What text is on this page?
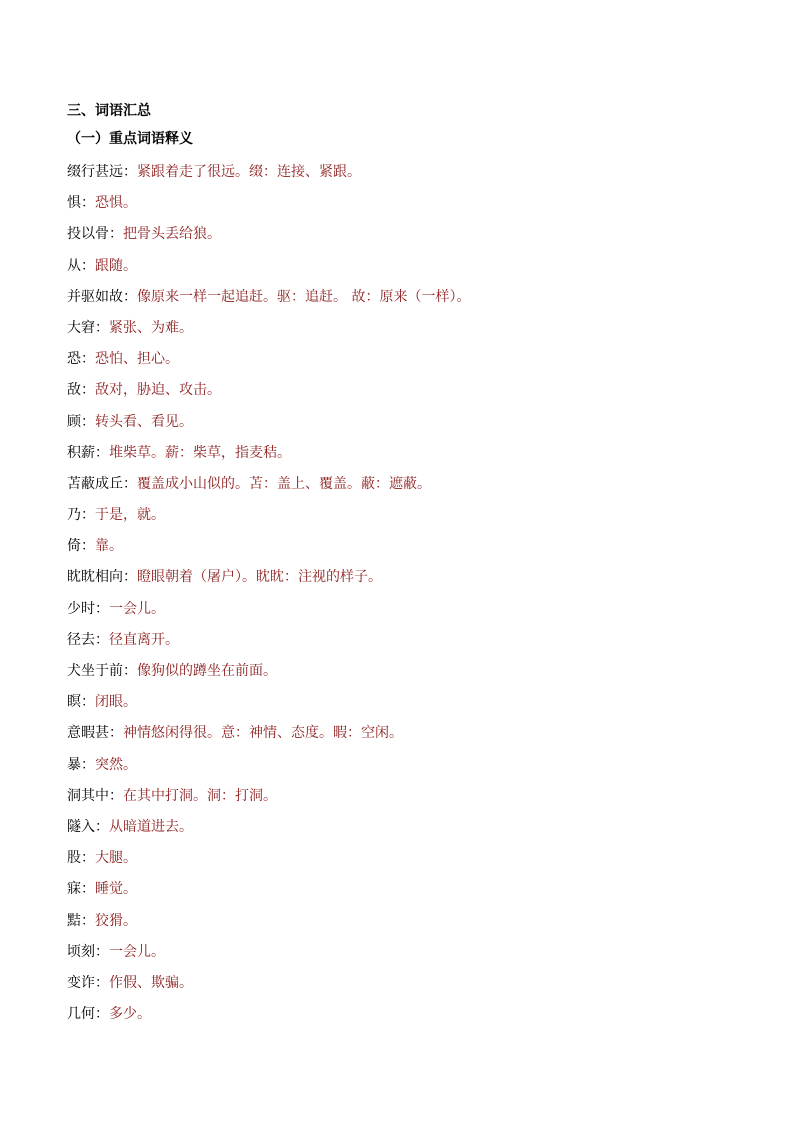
三、词语汇总
（一）重点词语释义
缀行甚远：紧跟着走了很远。缀：连接、紧跟。
惧：恐惧。
投以骨：把骨头丢给狼。
从：跟随。
并驱如故：像原来一样一起追赶。驱：追赶。 故：原来（一样）。
大窘：紧张、为难。
恐：恐怕、担心。
敌：敌对，胁迫、攻击。
顾：转头看、看见。
积薪：堆柴草。薪：柴草，指麦秸。
苫蔽成丘：覆盖成小山似的。苫：盖上、覆盖。蔽：遮蔽。
乃：于是，就。
倚：靠。
眈眈相向：瞪眼朝着（屠户）。眈眈：注视的样子。
少时：一会儿。
径去：径直离开。
犬坐于前：像狗似的蹲坐在前面。
瞑：闭眼。
意暇甚：神情悠闲得很。意：神情、态度。暇：空闲。
暴：突然。
洞其中：在其中打洞。洞：打洞。
隧入：从暗道进去。
股：大腿。
寐：睡觉。
黠：狡猾。
顷刻：一会儿。
变诈：作假、欺骗。
几何：多少。
